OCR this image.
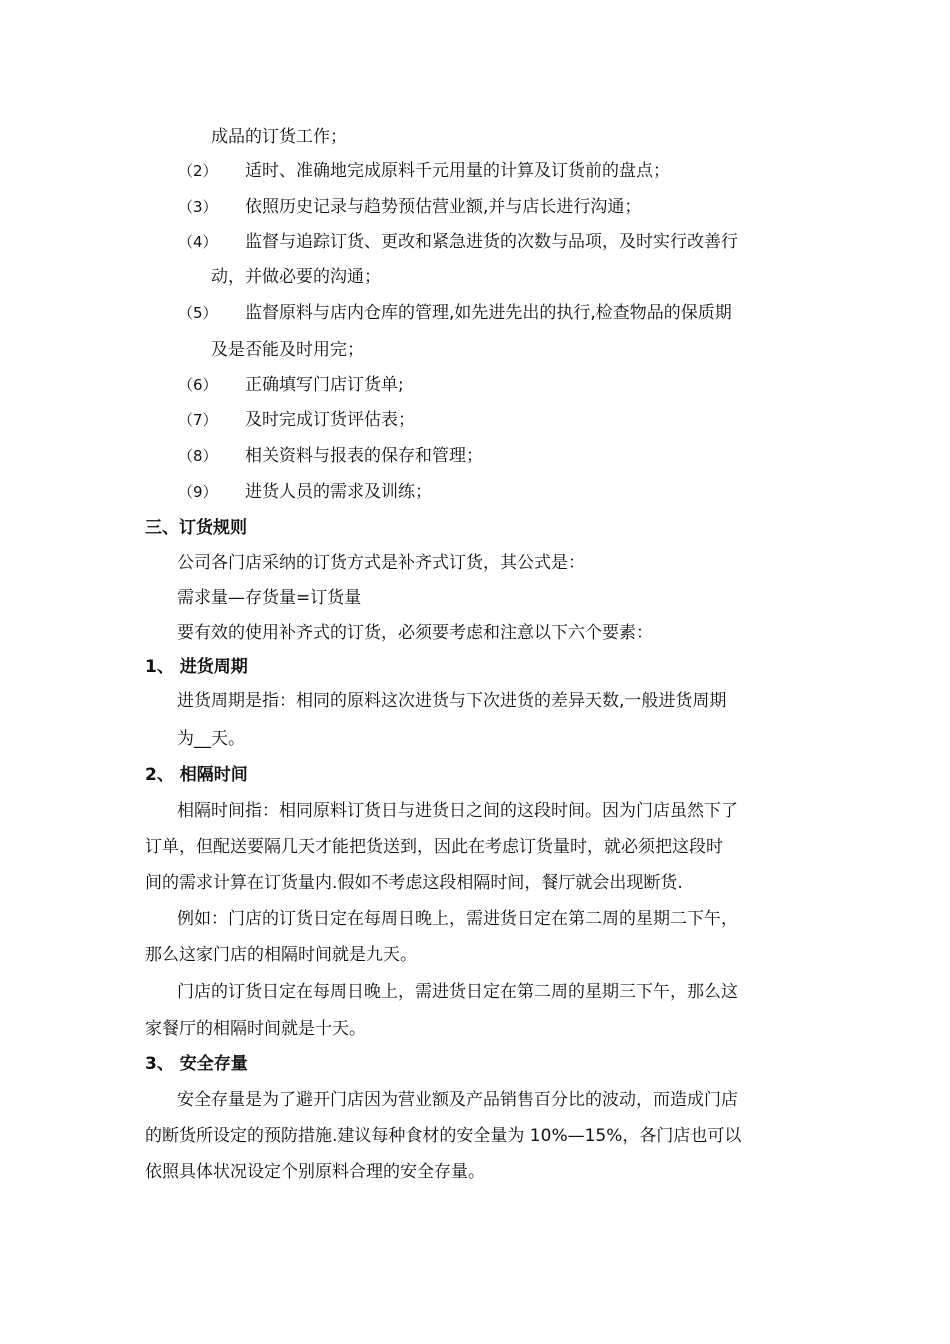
成品的订货工作；
（2） 适时、准确地完成原料千元用量的计算及订货前的盘点；
（3） 依照历史记录与趋势预估营业额,并与店长进行沟通；
（4） 监督与追踪订货、更改和紧急进货的次数与品项，及时实行改善行
动，并做必要的沟通；
（5） 监督原料与店内仓库的管理,如先进先出的执行,检查物品的保质期
及是否能及时用完；
（6） 正确填写门店订货单;
（7） 及时完成订货评估表；
（8） 相关资料与报表的保存和管理；
（9） 进货人员的需求及训练；
三、订货规则
公司各门店采纳的订货方式是补齐式订货，其公式是：
需求量—存货量=订货量
要有效的使用补齐式的订货，必须要考虑和注意以下六个要素：
1、 进货周期
进货周期是指：相同的原料这次进货与下次进货的差异天数,一般进货周期
为__天。
2、 相隔时间
相隔时间指：相同原料订货日与进货日之间的这段时间。因为门店虽然下了
订单，但配送要隔几天才能把货送到，因此在考虑订货量时，就必须把这段时
间的需求计算在订货量内.假如不考虑这段相隔时间，餐厅就会出现断货.
例如：门店的订货日定在每周日晚上，需进货日定在第二周的星期二下午，
那么这家门店的相隔时间就是九天。
门店的订货日定在每周日晚上，需进货日定在第二周的星期三下午，那么这
家餐厅的相隔时间就是十天。
3、 安全存量
安全存量是为了避开门店因为营业额及产品销售百分比的波动，而造成门店
的断货所设定的预防措施.建议每种食材的安全量为 10%—15%，各门店也可以
依照具体状况设定个别原料合理的安全存量。
